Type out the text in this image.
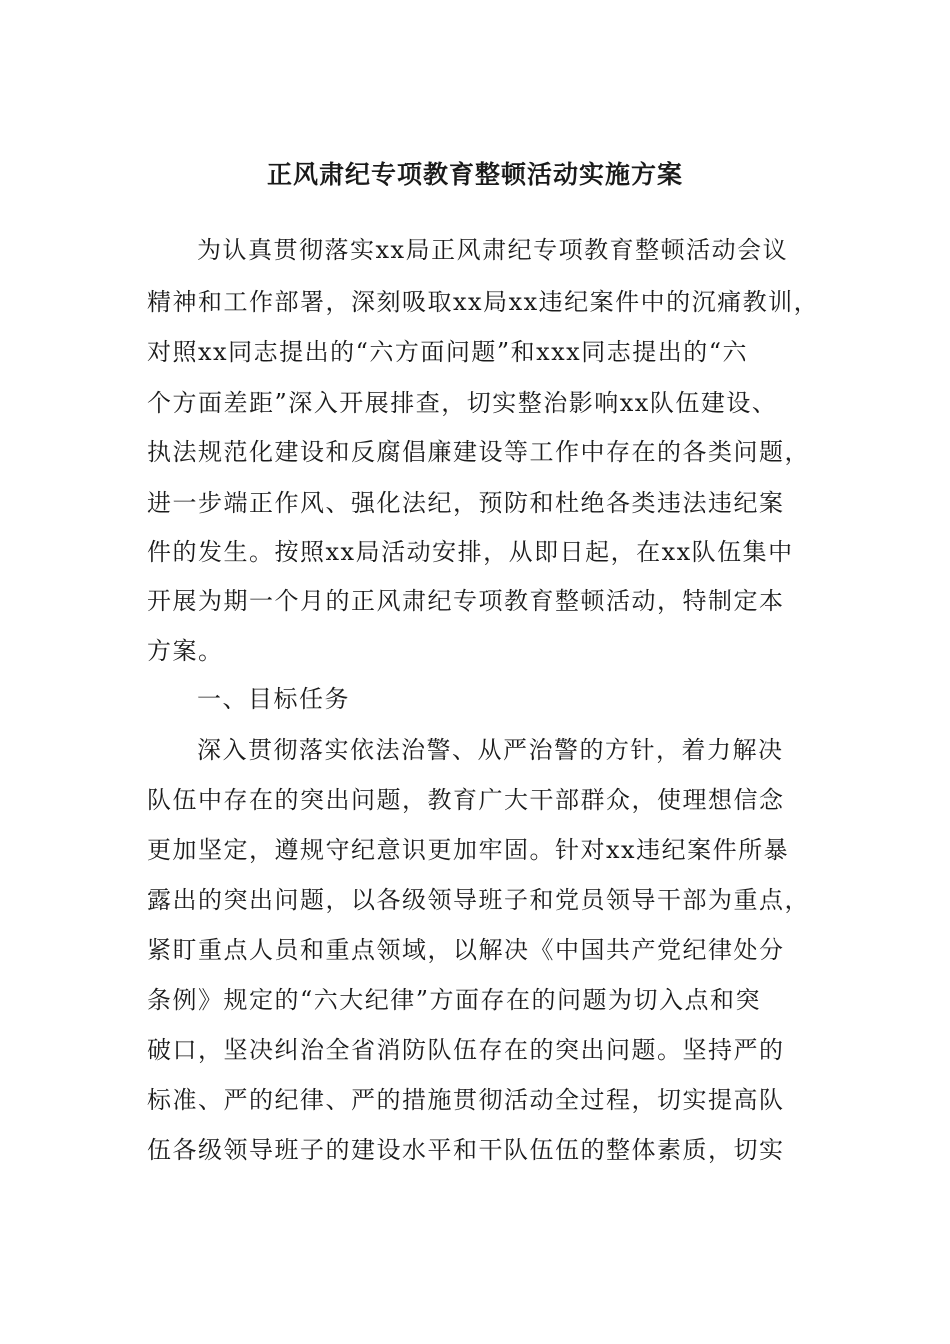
正风肃纪专项教育整顿活动实施方案
为认真贯彻落实xx局正风肃纪专项教育整顿活动会议
精神和工作部署，深刻吸取xx局xx违纪案件中的沉痛教训，
对照xx同志提出的“六方面问题”和xxx同志提出的“六
个方面差距”深入开展排查，切实整治影响xx队伍建设、
执法规范化建设和反腐倡廉建设等工作中存在的各类问题，
进一步端正作风、强化法纪，预防和杜绝各类违法违纪案
件的发生。按照xx局活动安排，从即日起，在xx队伍集中
开展为期一个月的正风肃纪专项教育整顿活动，特制定本
方案。
一、目标任务
深入贯彻落实依法治警、从严治警的方针，着力解决
队伍中存在的突出问题，教育广大干部群众，使理想信念
更加坚定，遵规守纪意识更加牢固。针对xx违纪案件所暴
露出的突出问题，以各级领导班子和党员领导干部为重点，
紧盯重点人员和重点领域，以解决《中国共产党纪律处分
条例》规定的“六大纪律”方面存在的问题为切入点和突
破口，坚决纠治全省消防队伍存在的突出问题。坚持严的
标准、严的纪律、严的措施贯彻活动全过程，切实提高队
伍各级领导班子的建设水平和干队伍伍的整体素质，切实
